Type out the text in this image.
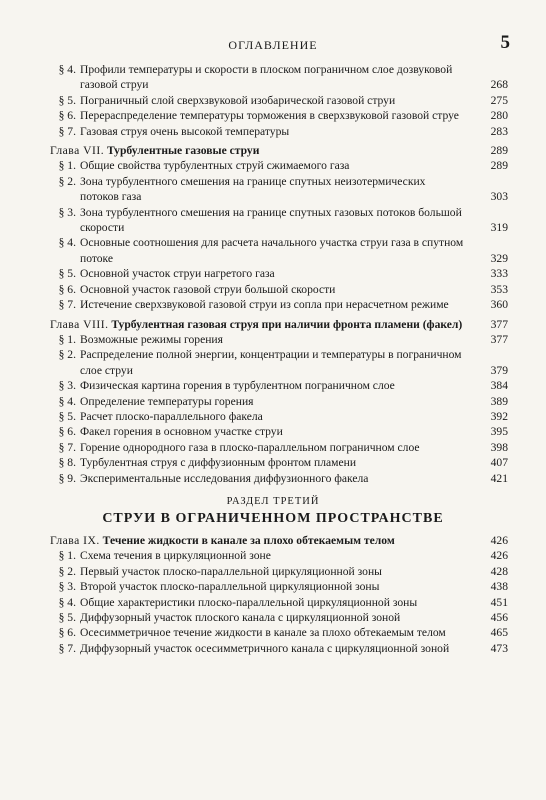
ОГЛАВЛЕНИЕ	5
§ 4. Профили температуры и скорости в плоском пограничном слое дозвуковой газовой струи	268
§ 5. Пограничный слой сверхзвуковой изобарической газовой струи	275
§ 6. Перераспределение температуры торможения в сверхзвуковой газовой струе	280
§ 7. Газовая струя очень высокой температуры	283
Глава VII. Турбулентные газовые струи	289
§ 1. Общие свойства турбулентных струй сжимаемого газа	289
§ 2. Зона турбулентного смешения на границе спутных неизотермических потоков газа	303
§ 3. Зона турбулентного смешения на границе спутных газовых потоков большой скорости	319
§ 4. Основные соотношения для расчета начального участка струи газа в спутном потоке	329
§ 5. Основной участок струи нагретого газа	333
§ 6. Основной участок газовой струи большой скорости	353
§ 7. Истечение сверхзвуковой газовой струи из сопла при нерасчетном режиме	360
Глава VIII. Турбулентная газовая струя при наличии фронта пламени (факел)	377
§ 1. Возможные режимы горения	377
§ 2. Распределение полной энергии, концентрации и температуры в пограничном слое струи	379
§ 3. Физическая картина горения в турбулентном пограничном слое	384
§ 4. Определение температуры горения	389
§ 5. Расчет плоско-параллельного факела	392
§ 6. Факел горения в основном участке струи	395
§ 7. Горение однородного газа в плоско-параллельном пограничном слое	398
§ 8. Турбулентная струя с диффузионным фронтом пламени	407
§ 9. Экспериментальные исследования диффузионного факела	421
РАЗДЕЛ ТРЕТИЙ
СТРУИ В ОГРАНИЧЕННОМ ПРОСТРАНСТВЕ
Глава IX. Течение жидкости в канале за плохо обтекаемым телом	426
§ 1. Схема течения в циркуляционной зоне	426
§ 2. Первый участок плоско-параллельной циркуляционной зоны	428
§ 3. Второй участок плоско-параллельной циркуляционной зоны	438
§ 4. Общие характеристики плоско-параллельной циркуляционной зоны	451
§ 5. Диффузорный участок плоского канала с циркуляционной зоной	456
§ 6. Осесимметричное течение жидкости в канале за плохо обтекаемым телом	465
§ 7. Диффузорный участок осесимметричного канала с циркуляционной зоной	473
